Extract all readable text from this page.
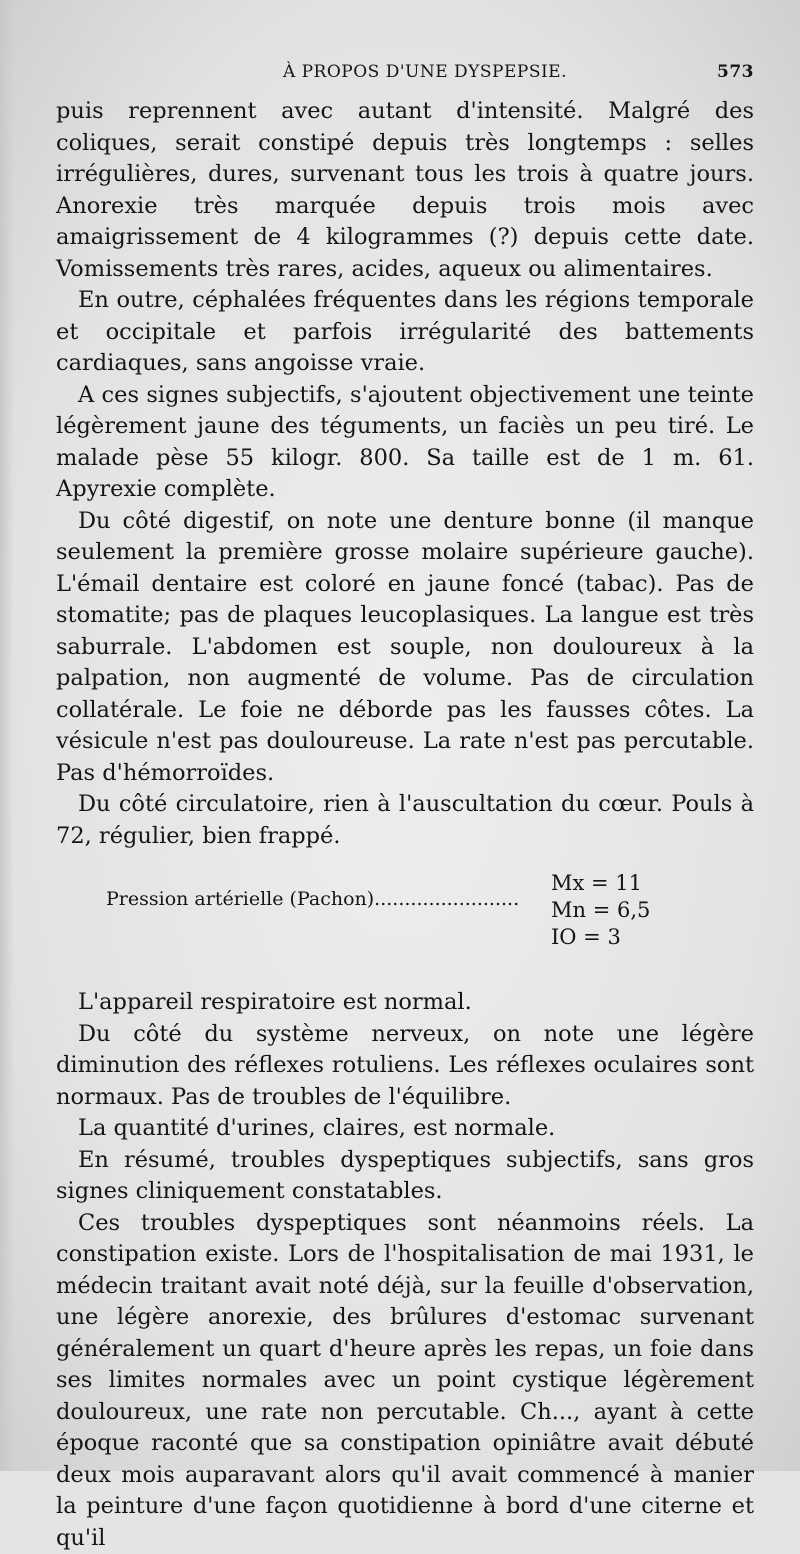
À PROPOS D'UNE DYSPEPSIE.	573

puis reprennent avec autant d'intensité. Malgré des coliques, serait constipé depuis très longtemps : selles irrégulières, dures, survenant tous les trois à quatre jours. Anorexie très marquée depuis trois mois avec amaigrissement de 4 kilogrammes (?) depuis cette date. Vomissements très rares, acides, aqueux ou alimentaires.

En outre, céphalées fréquentes dans les régions temporale et occipitale et parfois irrégularité des battements cardiaques, sans angoisse vraie.

A ces signes subjectifs, s'ajoutent objectivement une teinte légèrement jaune des téguments, un faciès un peu tiré. Le malade pèse 55 kilogr. 800. Sa taille est de 1 m. 61. Apyrexie complète.

Du côté digestif, on note une denture bonne (il manque seulement la première grosse molaire supérieure gauche). L'émail dentaire est coloré en jaune foncé (tabac). Pas de stomatite; pas de plaques leucoplasiques. La langue est très saburrale. L'abdomen est souple, non douloureux à la palpation, non augmenté de volume. Pas de circulation collatérale. Le foie ne déborde pas les fausses côtes. La vésicule n'est pas douloureuse. La rate n'est pas percutable. Pas d'hémorroïdes.

Du côté circulatoire, rien à l'auscultation du cœur. Pouls à 72, régulier, bien frappé.

Pression artérielle (Pachon)........................
Mx = 11
Mn = 6,5
IO = 3

L'appareil respiratoire est normal.

Du côté du système nerveux, on note une légère diminution des réflexes rotuliens. Les réflexes oculaires sont normaux. Pas de troubles de l'équilibre.

La quantité d'urines, claires, est normale.

En résumé, troubles dyspeptiques subjectifs, sans gros signes cliniquement constatables.

Ces troubles dyspeptiques sont néanmoins réels. La constipation existe. Lors de l'hospitalisation de mai 1931, le médecin traitant avait noté déjà, sur la feuille d'observation, une légère anorexie, des brûlures d'estomac survenant généralement un quart d'heure après les repas, un foie dans ses limites normales avec un point cystique légèrement douloureux, une rate non percutable. Ch..., ayant à cette époque raconté que sa constipation opiniâtre avait débuté deux mois auparavant alors qu'il avait commencé à manier la peinture d'une façon quotidienne à bord d'une citerne et qu'il
